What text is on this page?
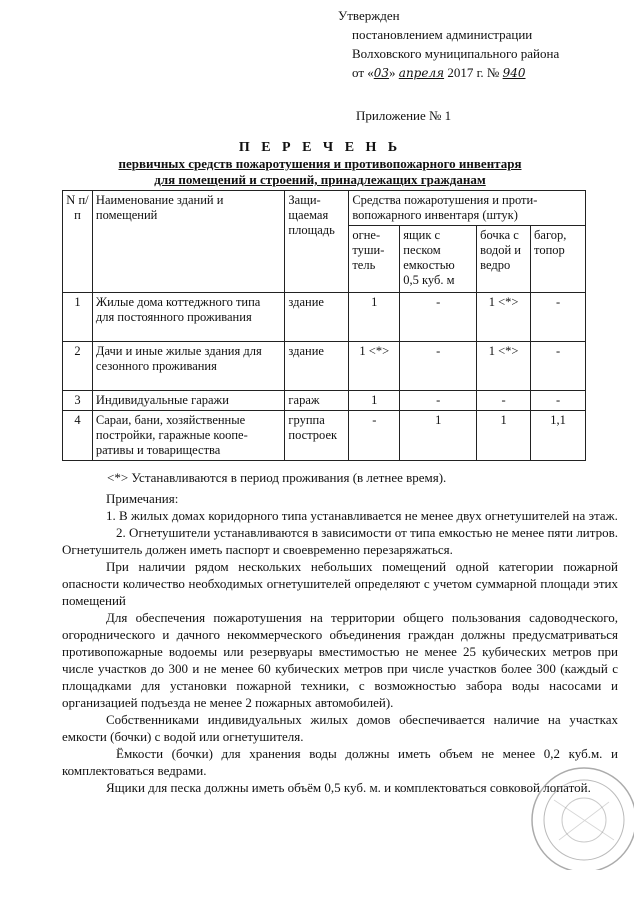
Утвержден
постановлением администрации
Волховского муниципального района
от «03» апреля 2017 г. № 940
Приложение № 1
П Е Р Е Ч Е Н Ь
первичных средств пожаротушения и противопожарного инвентаря
для помещений и строений, принадлежащих гражданам
N п/п	Наименование зданий и помещений	Защи-щаемая площадь	Средства пожаротушения и проти-вопожарного инвентаря (штук)			
			огне-туши-тель	ящик с песком емкостью 0,5 куб. м	бочка с водой и ведро	багор, топор
1	Жилые дома коттеджного типа для постоянного проживания	здание	1	-	1 <*>	-
2	Дачи и иные жилые здания для сезонного проживания	здание	1 <*>	-	1 <*>	-
3	Индивидуальные гаражи	гараж	1	-	-	-
4	Сараи, бани, хозяйственные постройки, гаражные коопе-ративы и товарищества	группа построек	-	1	1	1,1
<*> Устанавливаются в период проживания (в летнее время).

Примечания:

1. В жилых домах коридорного типа устанавливается не менее двух огнетушителей на этаж.

2. Огнетушители устанавливаются в зависимости от типа емкостью не менее пяти литров. Огнетушитель должен иметь паспорт и своевременно перезаряжаться.

При наличии рядом нескольких небольших помещений одной категории пожарной опасности количество необходимых огнетушителей определяют с учетом суммарной площади этих помещений

Для обеспечения пожаротушения на территории общего пользования садоводческого, огороднического и дачного некоммерческого объединения граждан должны предусматриваться противопожарные водоемы или резервуары вместимостью не менее 25 кубических метров при числе участков до 300 и не менее 60 кубических метров при числе участков более 300 (каждый с площадками для установки пожарной техники, с возможностью забора воды насосами и организацией подъезда не менее 2 пожарных автомобилей).

Собственниками индивидуальных жилых домов обеспечивается наличие на участках емкости (бочки) с водой или огнетушителя.

Ёмкости (бочки) для хранения воды должны иметь объем не менее 0,2 куб.м. и комплектоваться ведрами.

Ящики для песка должны иметь объём 0,5 куб. м. и комплектоваться совковой лопатой.
